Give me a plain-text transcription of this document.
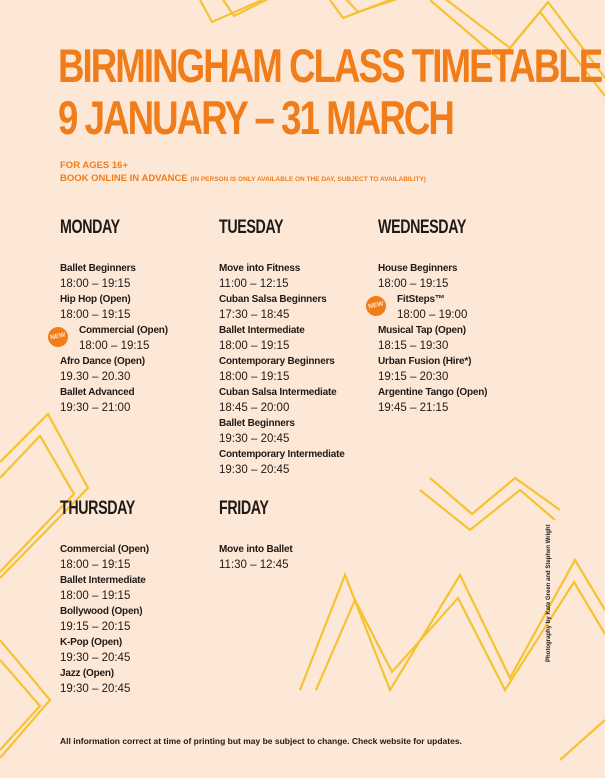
BIRMINGHAM CLASS TIMETABLE
9 JANUARY – 31 MARCH
FOR AGES 16+
BOOK ONLINE IN ADVANCE (IN PERSON IS ONLY AVAILABLE ON THE DAY, SUBJECT TO AVAILABILITY)
MONDAY
Ballet Beginners
18:00 – 19:15
Hip Hop (Open)
18:00 – 19:15
NEW
Commercial (Open)
18:00 – 19:15
Afro Dance (Open)
19.30 – 20.30
Ballet Advanced
19:30 – 21:00
TUESDAY
Move into Fitness
11:00 – 12:15
Cuban Salsa Beginners
17:30 – 18:45
Ballet Intermediate
18:00 – 19:15
Contemporary Beginners
18:00 – 19:15
Cuban Salsa Intermediate
18:45 – 20:00
Ballet Beginners
19:30 – 20:45
Contemporary Intermediate
19:30 – 20:45
WEDNESDAY
House Beginners
18:00 – 19:15
NEW
FitSteps™
18:00 – 19:00
Musical Tap (Open)
18:15 – 19:30
Urban Fusion (Hire*)
19:15 – 20:30
Argentine Tango (Open)
19:45 – 21:15
THURSDAY
Commercial (Open)
18:00 – 19:15
Ballet Intermediate
18:00 – 19:15
Bollywood (Open)
19:15 – 20:15
K-Pop (Open)
19:30 – 20:45
Jazz (Open)
19:30 – 20:45
FRIDAY
Move into Ballet
11:30 – 12:45	Photography by Kate Green and Stephen Wright
All information correct at time of printing but may be subject to change. Check website for updates.
